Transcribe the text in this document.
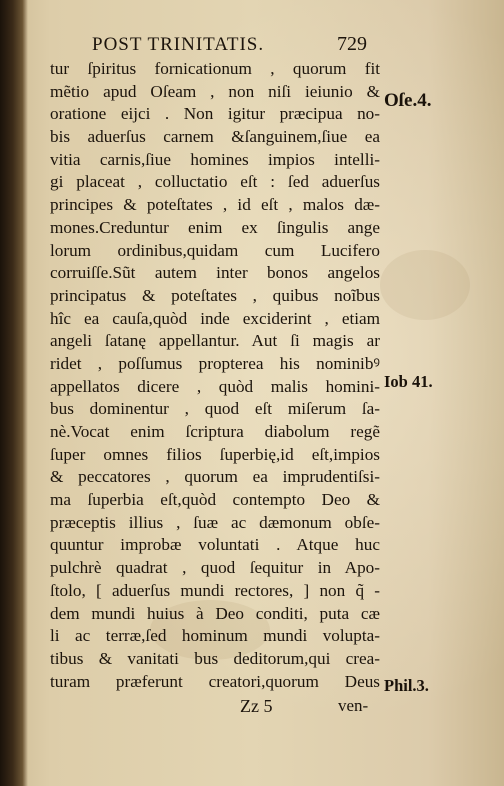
POST TRINITATIS.	729
tur ſpiritus fornicationum , quorum fit
mẽtio apud Oſeam , non niſi ieiunio &
oratione eijci . Non igitur præcipua no-
bis aduerſus carnem &ſanguinem,ſiue ea
vitia carnis,ſiue homines impios intelli-
gi placeat , colluctatio eſt : ſed aduerſus
principes & poteſtates , id eſt , malos dæ-
mones.Creduntur enim ex ſingulis ange
lorum ordinibus,quidam cum Lucifero
corruiſſe.Sũt autem inter bonos angelos
principatus & poteſtates , quibus noĩbus
hîc ea cauſa,quòd inde exciderint , etiam
angeli ſatanę appellantur. Aut ſi magis ar
ridet , poſſumus propterea his nominibꝰ
appellatos dicere , quòd malis homini-
bus dominentur , quod eſt miſerum ſa-
nè.Vocat enim ſcriptura diabolum regẽ
ſuper omnes filios ſuperbię,id eſt,impios
& peccatores , quorum ea imprudentiſsi-
ma ſuperbia eſt,quòd contempto Deo &
præceptis illius , ſuæ ac dæmonum obſe-
quuntur improbæ voluntati . Atque huc
pulchrè quadrat , quod ſequitur in Apo-
ſtolo, [ aduerſus mundi rectores, ] non q̃ -
dem mundi huius à Deo conditi, puta cæ
li ac terræ,ſed hominum mundi volupta-
tibus & vanitati bus deditorum,qui crea-
turam præferunt creatori,quorum Deus
Oſe.4.
Iob 41.
Phil.3.
Zz 5	ven-
